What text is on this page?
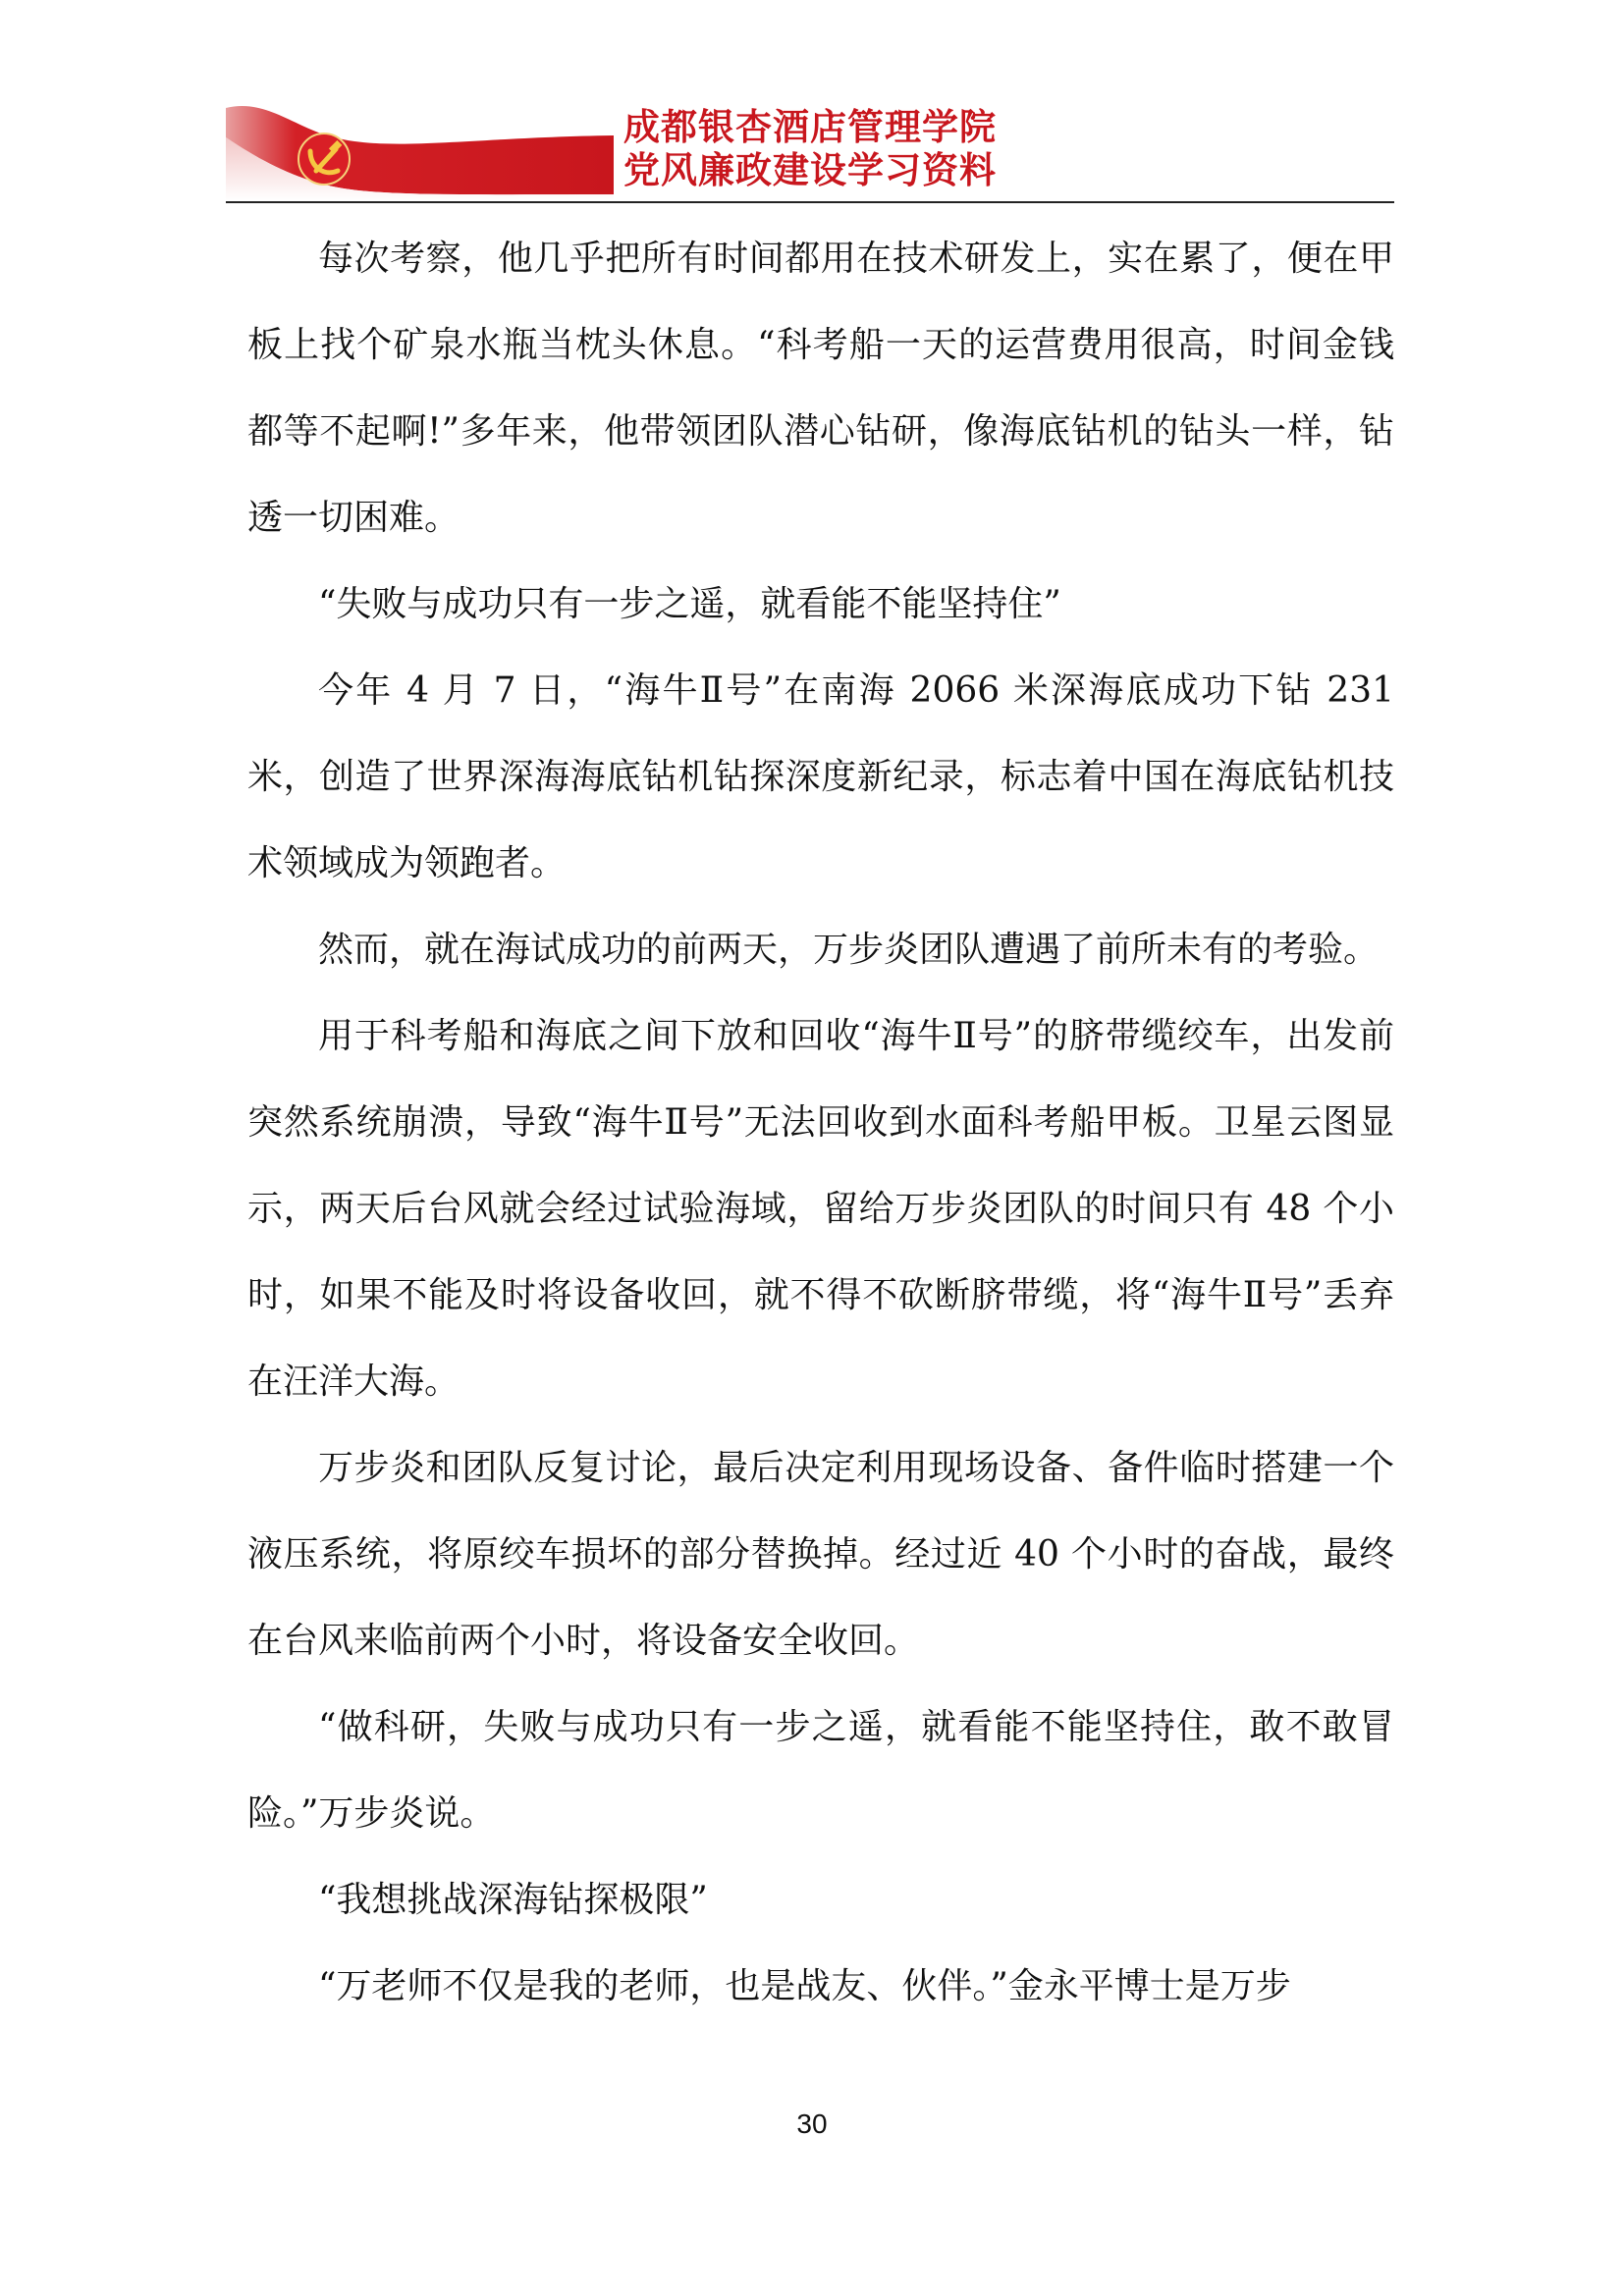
成都银杏酒店管理学院
党风廉政建设学习资料

每次考察，他几乎把所有时间都用在技术研发上，实在累了，便在甲板上找个矿泉水瓶当枕头休息。“科考船一天的运营费用很高，时间金钱都等不起啊!”多年来，他带领团队潜心钻研，像海底钻机的钻头一样，钻透一切困难。

“失败与成功只有一步之遥，就看能不能坚持住”

今年 4 月 7 日，“海牛Ⅱ号”在南海 2066 米深海底成功下钻 231 米，创造了世界深海海底钻机钻探深度新纪录，标志着中国在海底钻机技术领域成为领跑者。

然而，就在海试成功的前两天，万步炎团队遭遇了前所未有的考验。

用于科考船和海底之间下放和回收“海牛Ⅱ号”的脐带缆绞车，出发前突然系统崩溃，导致“海牛Ⅱ号”无法回收到水面科考船甲板。卫星云图显示，两天后台风就会经过试验海域，留给万步炎团队的时间只有 48 个小时，如果不能及时将设备收回，就不得不砍断脐带缆，将“海牛Ⅱ号”丢弃在汪洋大海。

万步炎和团队反复讨论，最后决定利用现场设备、备件临时搭建一个液压系统，将原绞车损坏的部分替换掉。经过近 40 个小时的奋战，最终在台风来临前两个小时，将设备安全收回。

“做科研，失败与成功只有一步之遥，就看能不能坚持住，敢不敢冒险。”万步炎说。

“我想挑战深海钻探极限”

“万老师不仅是我的老师，也是战友、伙伴。”金永平博士是万步

30
